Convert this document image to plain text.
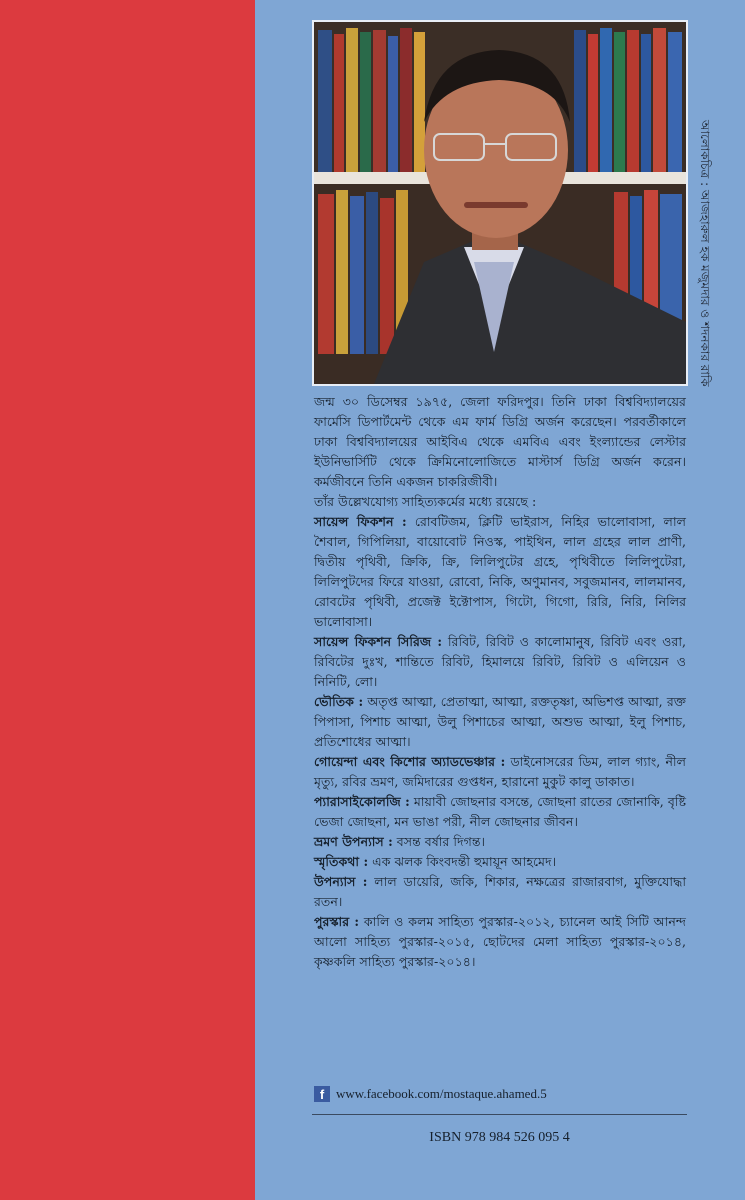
আলোকচিত্র : আজহারুল হক মজুমদার ও শদনকার রাকি

জন্ম ৩০ ডিসেম্বর ১৯৭৫, জেলা ফরিদপুর। তিনি ঢাকা বিশ্ববিদ্যালয়ের ফার্মেসি ডিপার্টমেন্ট থেকে এম ফার্ম ডিগ্রি অর্জন করেছেন। পরবর্তীকালে ঢাকা বিশ্ববিদ্যালয়ের আইবিএ থেকে এমবিএ এবং ইংল্যান্ডের লেস্টার ইউনিভার্সিটি থেকে ক্রিমিনোলোজিতে মাস্টার্স ডিগ্রি অর্জন করেন। কর্মজীবনে তিনি একজন চাকরিজীবী।

তাঁর উল্লেখযোগ্য সাহিত্যকর্মের মধ্যে রয়েছে :

সায়েন্স ফিকশন : রোবটিজম, ক্লিটি ভাইরাস, নিহির ভালোবাসা, লাল শৈবাল, গিপিলিয়া, বায়োবোট নিওস্ক, পাইথিন, লাল গ্রহের লাল প্রাণী, দ্বিতীয় পৃথিবী, ক্রিকি, ক্রি, লিলিপুটের গ্রহে, পৃথিবীতে লিলিপুটেরা, লিলিপুটদের ফিরে যাওয়া, রোবো, নিকি, অণুমানব, সবুজমানব, লালমানব, রোবটের পৃথিবী, প্রজেক্ট ইক্টোপাস, গিটো, গিগো, রিরি, নিরি, নিলির ভালোবাসা।

সায়েন্স ফিকশন সিরিজ : রিবিট, রিবিট ও কালোমানুষ, রিবিট এবং ওরা, রিবিটের দুঃখ, শান্তিতে রিবিট, হিমালয়ে রিবিট, রিবিট ও এলিয়েন ও নিনিটি, লো।

ভৌতিক : অতৃপ্ত আত্মা, প্রেতাত্মা, আত্মা, রক্ততৃষ্ণা, অভিশপ্ত আত্মা, রক্ত পিপাসা, পিশাচ আত্মা, উলু পিশাচের আত্মা, অশুভ আত্মা, ইলু পিশাচ, প্রতিশোধের আত্মা।

গোয়েন্দা এবং কিশোর অ্যাডভেঞ্চার : ডাইনোসরের ডিম, লাল গ্যাং, নীল মৃত্যু, রবির ভ্রমণ, জমিদারের গুপ্তধন, হারানো মুকুট কালু ডাকাত।

প্যারাসাইকোলজি : মায়াবী জোছনার বসন্তে, জোছনা রাতের জোনাকি, বৃষ্টি ভেজা জোছনা, মন ভাঙা পরী, নীল জোছনার জীবন।

ভ্রমণ উপন্যাস : বসন্ত বর্ষার দিগন্ত।

স্মৃতিকথা : এক ঝলক কিংবদন্তী হুমায়ূন আহমেদ।

উপন্যাস : লাল ডায়েরি, জকি, শিকার, নক্ষত্রের রাজারবাগ, মুক্তিযোদ্ধা রতন।

পুরস্কার : কালি ও কলম সাহিত্য পুরস্কার-২০১২, চ্যানেল আই সিটি আনন্দ আলো সাহিত্য পুরস্কার-২০১৫, ছোটদের মেলা সাহিত্য পুরস্কার-২০১৪, কৃষ্ণকলি সাহিত্য পুরস্কার-২০১৪।

f www.facebook.com/mostaque.ahamed.5
ISBN 978 984 526 095 4
